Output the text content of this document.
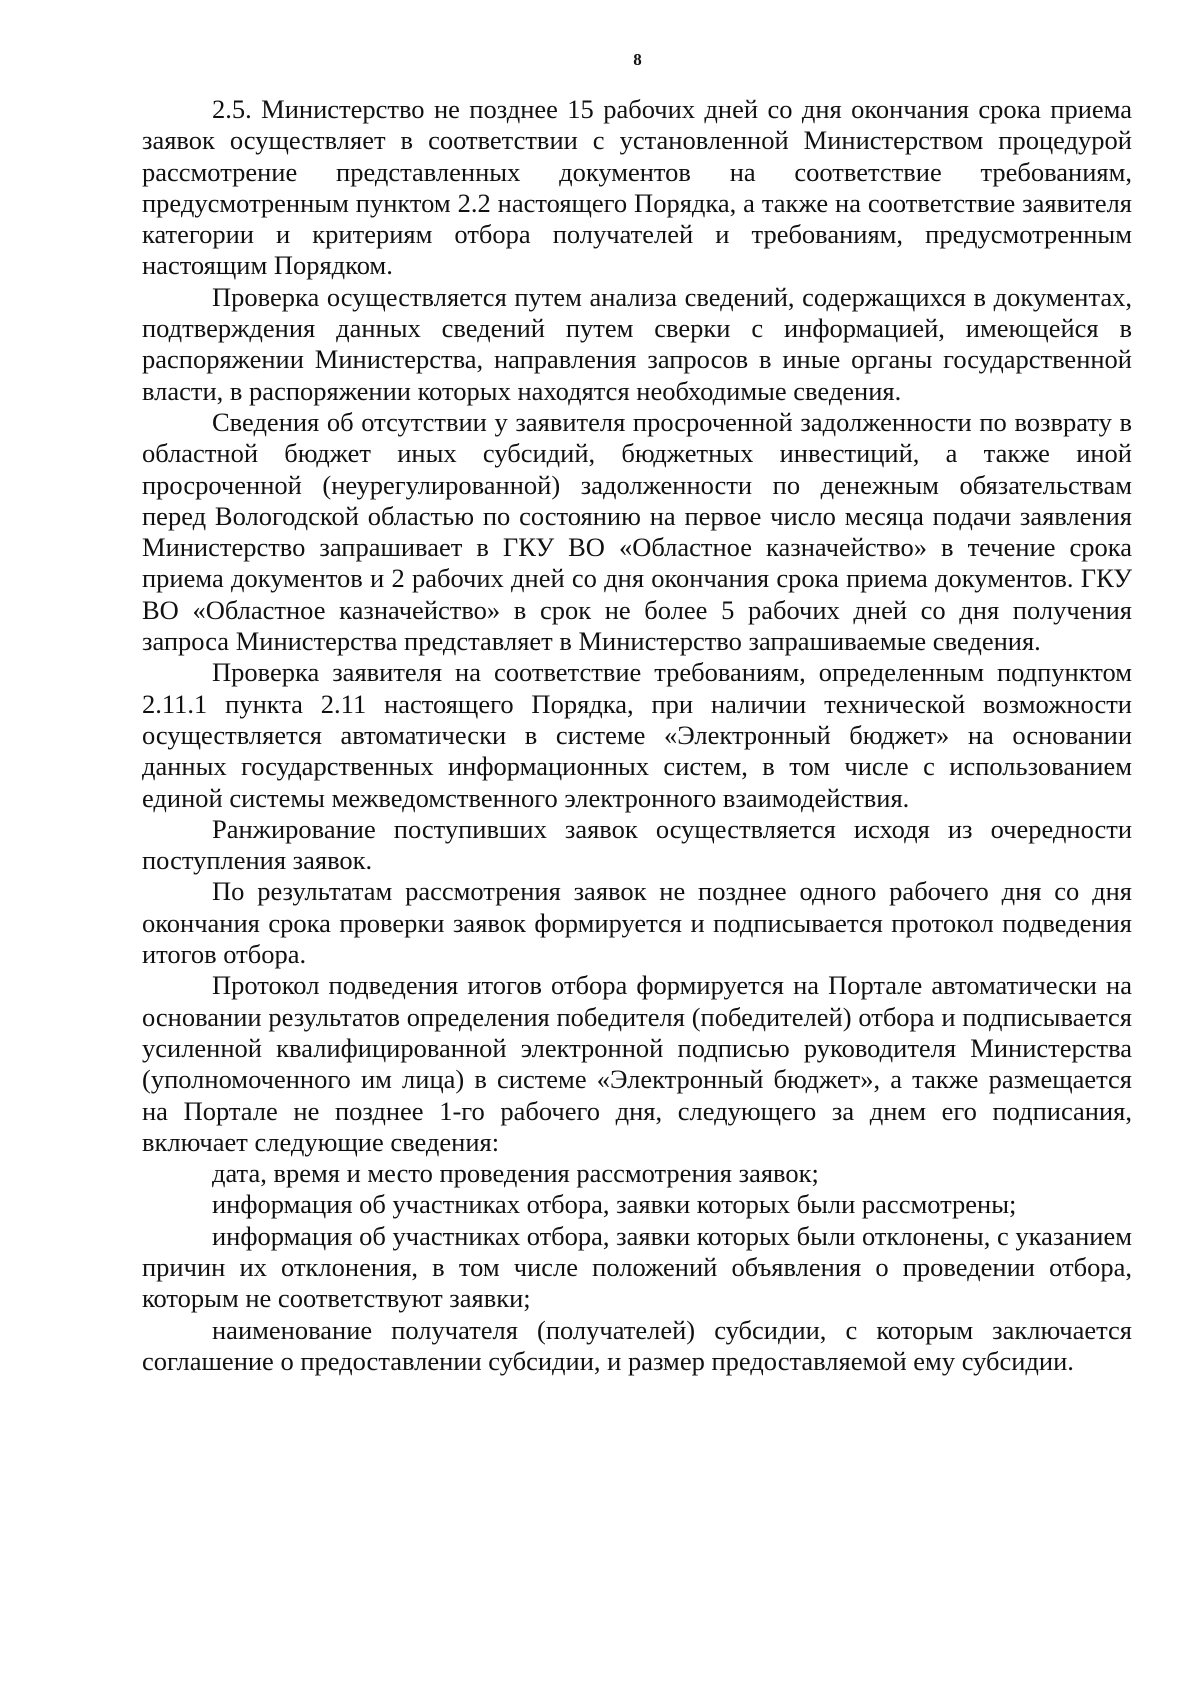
8

2.5. Министерство не позднее 15 рабочих дней со дня окончания срока приема заявок осуществляет в соответствии с установленной Министерством процедурой рассмотрение представленных документов на соответствие требованиям, предусмотренным пунктом 2.2 настоящего Порядка, а также на соответствие заявителя категории и критериям отбора получателей и требованиям, предусмотренным настоящим Порядком.

Проверка осуществляется путем анализа сведений, содержащихся в документах, подтверждения данных сведений путем сверки с информацией, имеющейся в распоряжении Министерства, направления запросов в иные органы государственной власти, в распоряжении которых находятся необходимые сведения.

Сведения об отсутствии у заявителя просроченной задолженности по возврату в областной бюджет иных субсидий, бюджетных инвестиций, а также иной просроченной (неурегулированной) задолженности по денежным обязательствам перед Вологодской областью по состоянию на первое число месяца подачи заявления Министерство запрашивает в ГКУ ВО «Областное казначейство» в течение срока приема документов и 2 рабочих дней со дня окончания срока приема документов. ГКУ ВО «Областное казначейство» в срок не более 5 рабочих дней со дня получения запроса Министерства представляет в Министерство запрашиваемые сведения.

Проверка заявителя на соответствие требованиям, определенным подпунктом 2.11.1 пункта 2.11 настоящего Порядка, при наличии технической возможности осуществляется автоматически в системе «Электронный бюджет» на основании данных государственных информационных систем, в том числе с использованием единой системы межведомственного электронного взаимодействия.

Ранжирование поступивших заявок осуществляется исходя из очередности поступления заявок.

По результатам рассмотрения заявок не позднее одного рабочего дня со дня окончания срока проверки заявок формируется и подписывается протокол подведения итогов отбора.

Протокол подведения итогов отбора формируется на Портале автоматически на основании результатов определения победителя (победителей) отбора и подписывается усиленной квалифицированной электронной подписью руководителя Министерства (уполномоченного им лица) в системе «Электронный бюджет», а также размещается на Портале не позднее 1-го рабочего дня, следующего за днем его подписания, включает следующие сведения:

дата, время и место проведения рассмотрения заявок;

информация об участниках отбора, заявки которых были рассмотрены;

информация об участниках отбора, заявки которых были отклонены, с указанием причин их отклонения, в том числе положений объявления о проведении отбора, которым не соответствуют заявки;

наименование получателя (получателей) субсидии, с которым заключается соглашение о предоставлении субсидии, и размер предоставляемой ему субсидии.
